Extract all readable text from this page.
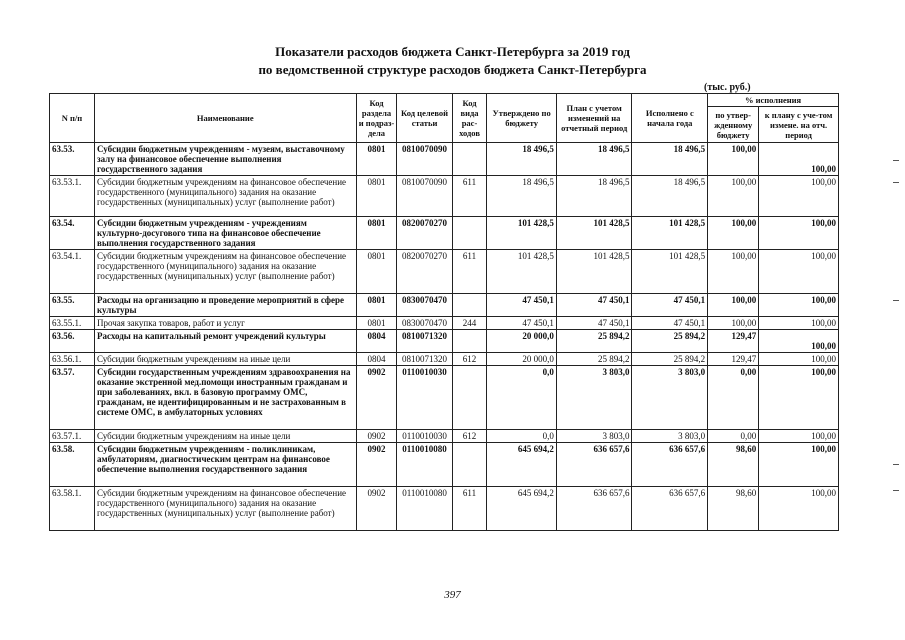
Показатели расходов бюджета Санкт-Петербурга за 2019 год
по ведомственной структуре расходов бюджета Санкт-Петербурга
(тыс. руб.)
N п/п	Наименование	Код раздела и подраз-дела	Код целевой статьи	Код вида рас-ходов	Утверждено по бюджету	План с учетом изменений на отчетный период	Исполнено с начала года	% исполнения	
								по утвер-жденному бюджету	к плану с уче-том измене. на отч. период
63.53.	Субсидии бюджетным учреждениям - музеям, выставочному залу на финансовое обеспечение выполнения государственного задания	0801	0810070090		18 496,5	18 496,5	18 496,5	100,00	100,00
63.53.1.	Субсидии бюджетным учреждениям на финансовое обеспечение государственного (муниципального) задания на оказание государственных (муниципальных) услуг (выполнение работ)	0801	0810070090	611	18 496,5	18 496,5	18 496,5	100,00	100,00
63.54.	Субсидии бюджетным учреждениям - учреждениям культурно-досугового типа на финансовое обеспечение выполнения государственного задания	0801	0820070270		101 428,5	101 428,5	101 428,5	100,00	100,00
63.54.1.	Субсидии бюджетным учреждениям на финансовое обеспечение государственного (муниципального) задания на оказание государственных (муниципальных) услуг (выполнение работ)	0801	0820070270	611	101 428,5	101 428,5	101 428,5	100,00	100,00
63.55.	Расходы на организацию и проведение мероприятий в сфере культуры	0801	0830070470		47 450,1	47 450,1	47 450,1	100,00	100,00
63.55.1.	Прочая закупка товаров, работ и услуг	0801	0830070470	244	47 450,1	47 450,1	47 450,1	100,00	100,00
63.56.	Расходы на капитальный ремонт учреждений культуры	0804	0810071320		20 000,0	25 894,2	25 894,2	129,47	100,00
63.56.1.	Субсидии бюджетным учреждениям на иные цели	0804	0810071320	612	20 000,0	25 894,2	25 894,2	129,47	100,00
63.57.	Субсидии государственным учреждениям здравоохранения на оказание экстренной мед.помощи иностранным гражданам и при заболеваниях, вкл. в базовую программу ОМС, гражданам, не идентифицированным и не застрахованным в системе ОМС, в амбулаторных условиях	0902	0110010030		0,0	3 803,0	3 803,0	0,00	100,00
63.57.1.	Субсидии бюджетным учреждениям на иные цели	0902	0110010030	612	0,0	3 803,0	3 803,0	0,00	100,00
63.58.	Субсидии бюджетным учреждениям - поликлиникам, амбулаториям, диагностическим центрам на финансовое обеспечение выполнения государственного задания	0902	0110010080		645 694,2	636 657,6	636 657,6	98,60	100,00
63.58.1.	Субсидии бюджетным учреждениям на финансовое обеспечение государственного (муниципального) задания на оказание государственных (муниципальных) услуг (выполнение работ)	0902	0110010080	611	645 694,2	636 657,6	636 657,6	98,60	100,00
397
